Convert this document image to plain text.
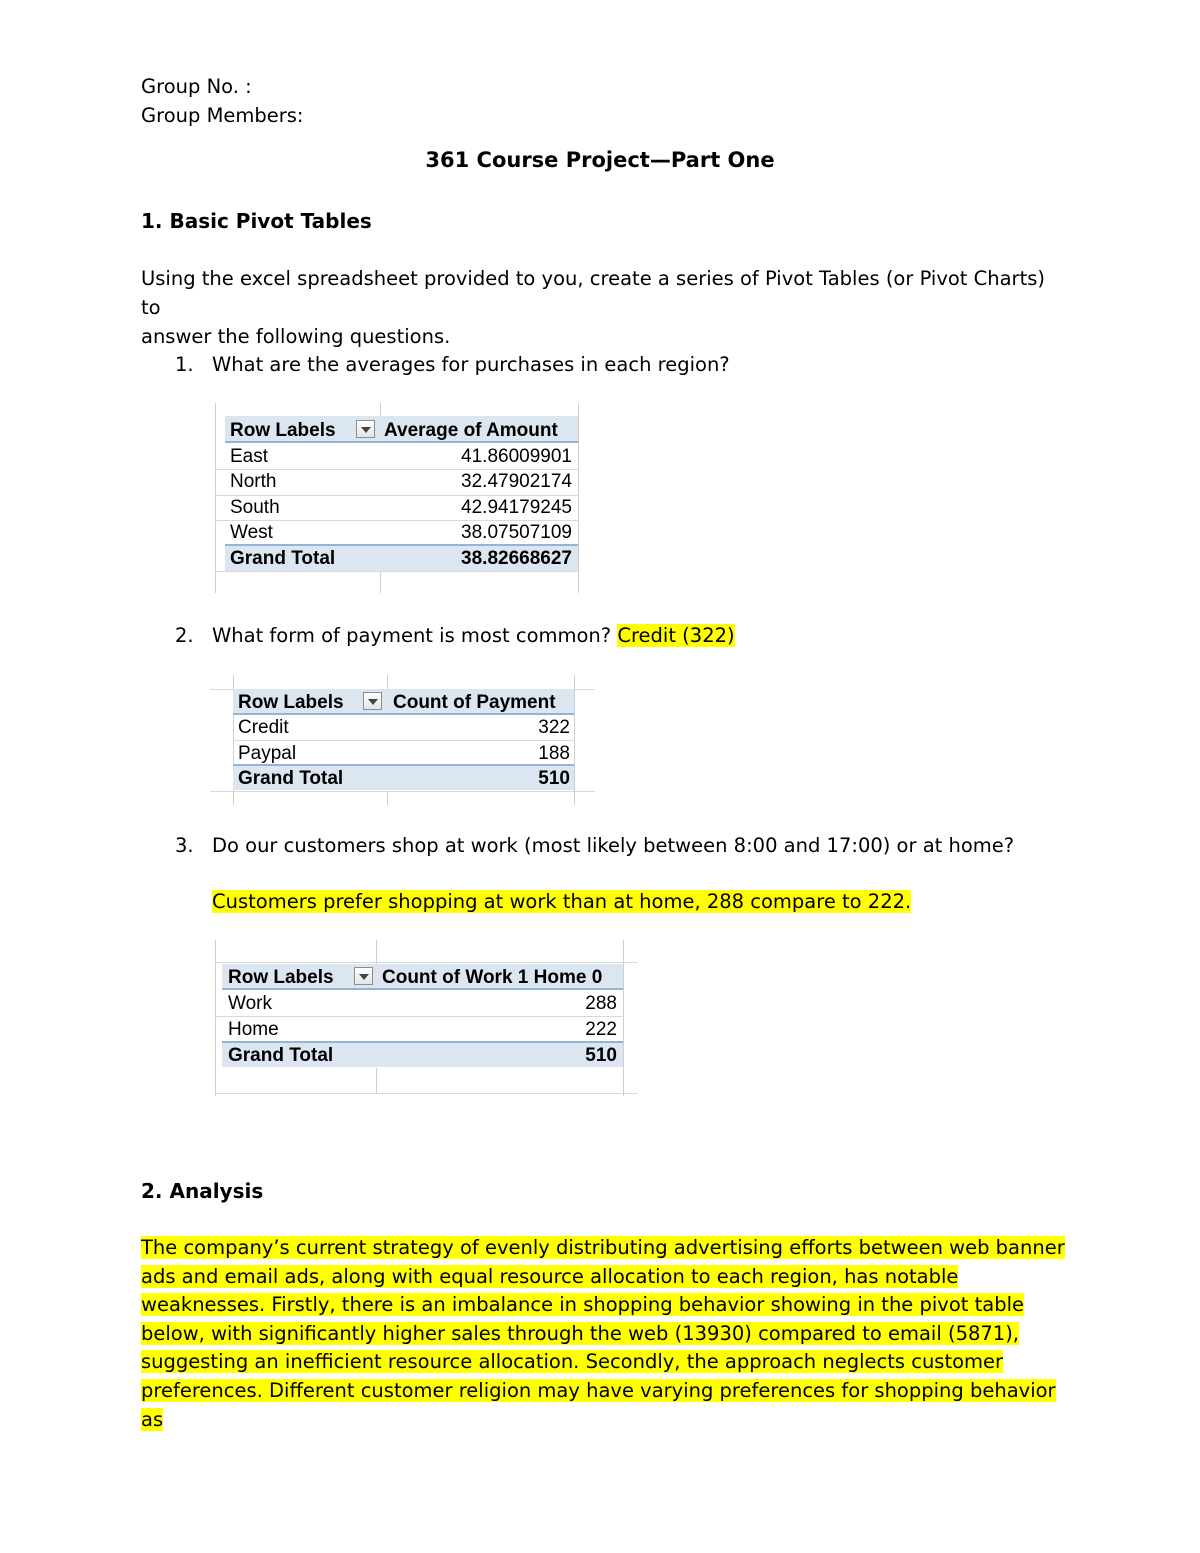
Group No. :
Group Members:
361 Course Project—Part One
1. Basic Pivot Tables
Using the excel spreadsheet provided to you, create a series of Pivot Tables (or Pivot Charts) to
answer the following questions.
1. What are the averages for purchases in each region?
Row Labels	Average of Amount
East	41.86009901
North	32.47902174
South	42.94179245
West	38.07507109
Grand Total	38.82668627
2. What form of payment is most common? Credit (322)
Row Labels	Count of Payment
Credit	322
Paypal	188
Grand Total	510
3. Do our customers shop at work (most likely between 8:00 and 17:00) or at home?
Customers prefer shopping at work than at home, 288 compare to 222.
Row Labels	Count of Work 1 Home 0
Work	288
Home	222
Grand Total	510
2. Analysis
The company’s current strategy of evenly distributing advertising efforts between web banner
ads and email ads, along with equal resource allocation to each region, has notable
weaknesses. Firstly, there is an imbalance in shopping behavior showing in the pivot table
below, with significantly higher sales through the web (13930) compared to email (5871),
suggesting an inefficient resource allocation. Secondly, the approach neglects customer
preferences. Different customer religion may have varying preferences for shopping behavior as
